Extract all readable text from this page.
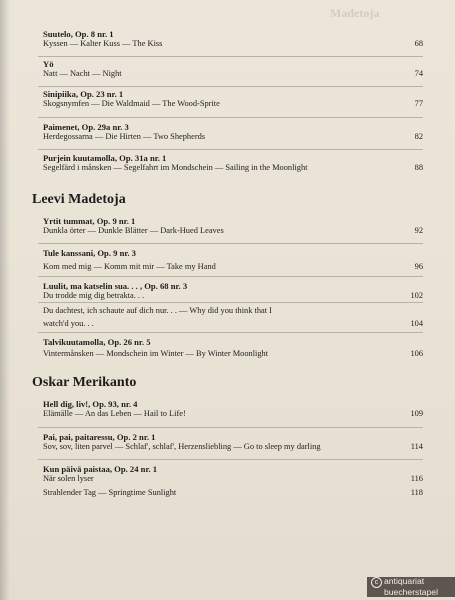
Madetoja
Suutelo, Op. 8 nr. 1
Kyssen — Kalter Kuss — The Kiss	68
Yö
Natt — Nacht — Night	74
Sinipiika, Op. 23 nr. 1
Skogsnymfen — Die Waldmaid — The Wood-Sprite	77
Paimenet, Op. 29a nr. 3
Herdegossarna — Die Hirten — Two Shepherds	82
Purjein kuutamolla, Op. 31a nr. 1
Segelfärd i månsken — Segelfahrt im Mondschein — Sailing in the Moonlight	88
Leevi Madetoja
Yrtit tummat, Op. 9 nr. 1
Dunkla örter — Dunkle Blätter — Dark-Hued Leaves	92
Tule kanssani, Op. 9 nr. 3
Kom med mig — Komm mit mir — Take my Hand	96
Luulit, ma katselin sua. . . , Op. 68 nr. 3
Du trodde mig dig betrakta. . .	102
Du dachtest, ich schaute auf dich nur. . . — Why did you think that I
watch'd you. . .	104
Talvikuutamolla, Op. 26 nr. 5
Vintermånsken — Mondschein im Winter — By Winter Moonlight	106
Oskar Merikanto
Hell dig, liv!, Op. 93, nr. 4
Elämälle — An das Leben — Hail to Life!	109
Pai, pai, paitaressu, Op. 2 nr. 1
Sov, sov, liten parvel — Schlaf', schlaf', Herzensliebling — Go to sleep my darling	114
Kun päivä paistaa, Op. 24 nr. 1
När solen lyser	116
Strahlender Tag — Springtime Sunlight	118
c antiquariat
buecherstapel
